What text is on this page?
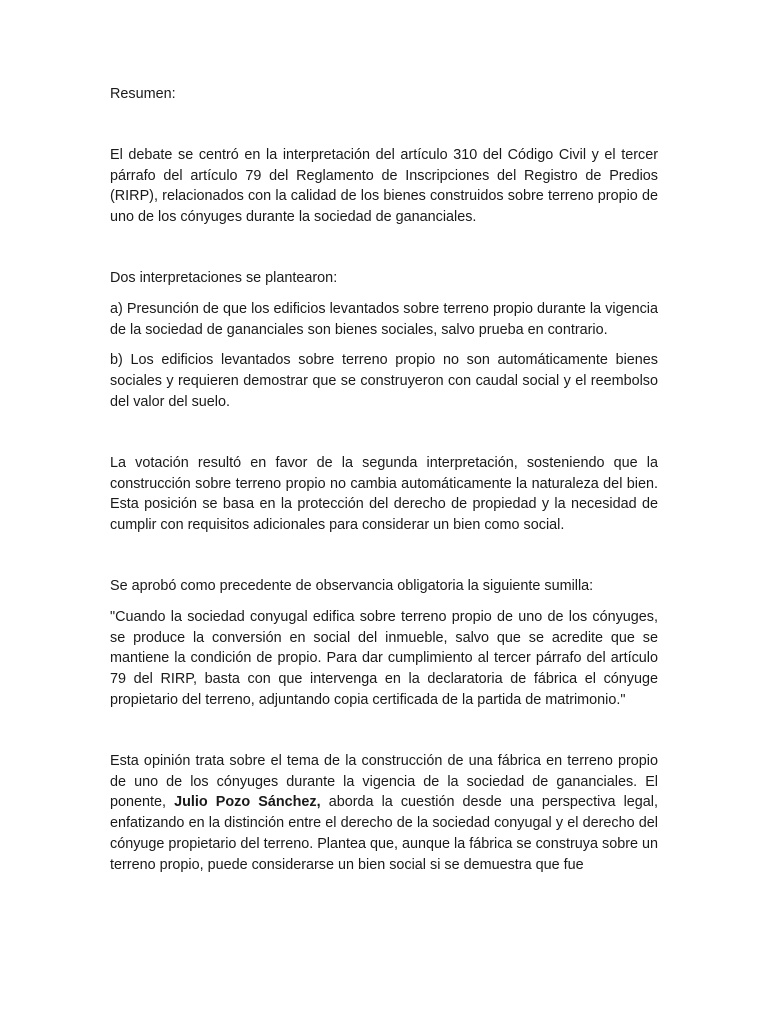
Resumen:

El debate se centró en la interpretación del artículo 310 del Código Civil y el tercer párrafo del artículo 79 del Reglamento de Inscripciones del Registro de Predios (RIRP), relacionados con la calidad de los bienes construidos sobre terreno propio de uno de los cónyuges durante la sociedad de gananciales.

Dos interpretaciones se plantearon:

a) Presunción de que los edificios levantados sobre terreno propio durante la vigencia de la sociedad de gananciales son bienes sociales, salvo prueba en contrario.

b) Los edificios levantados sobre terreno propio no son automáticamente bienes sociales y requieren demostrar que se construyeron con caudal social y el reembolso del valor del suelo.

La votación resultó en favor de la segunda interpretación, sosteniendo que la construcción sobre terreno propio no cambia automáticamente la naturaleza del bien. Esta posición se basa en la protección del derecho de propiedad y la necesidad de cumplir con requisitos adicionales para considerar un bien como social.

Se aprobó como precedente de observancia obligatoria la siguiente sumilla:

"Cuando la sociedad conyugal edifica sobre terreno propio de uno de los cónyuges, se produce la conversión en social del inmueble, salvo que se acredite que se mantiene la condición de propio. Para dar cumplimiento al tercer párrafo del artículo 79 del RIRP, basta con que intervenga en la declaratoria de fábrica el cónyuge propietario del terreno, adjuntando copia certificada de la partida de matrimonio."

Esta opinión trata sobre el tema de la construcción de una fábrica en terreno propio de uno de los cónyuges durante la vigencia de la sociedad de gananciales. El ponente, Julio Pozo Sánchez, aborda la cuestión desde una perspectiva legal, enfatizando en la distinción entre el derecho de la sociedad conyugal y el derecho del cónyuge propietario del terreno. Plantea que, aunque la fábrica se construya sobre un terreno propio, puede considerarse un bien social si se demuestra que fue
